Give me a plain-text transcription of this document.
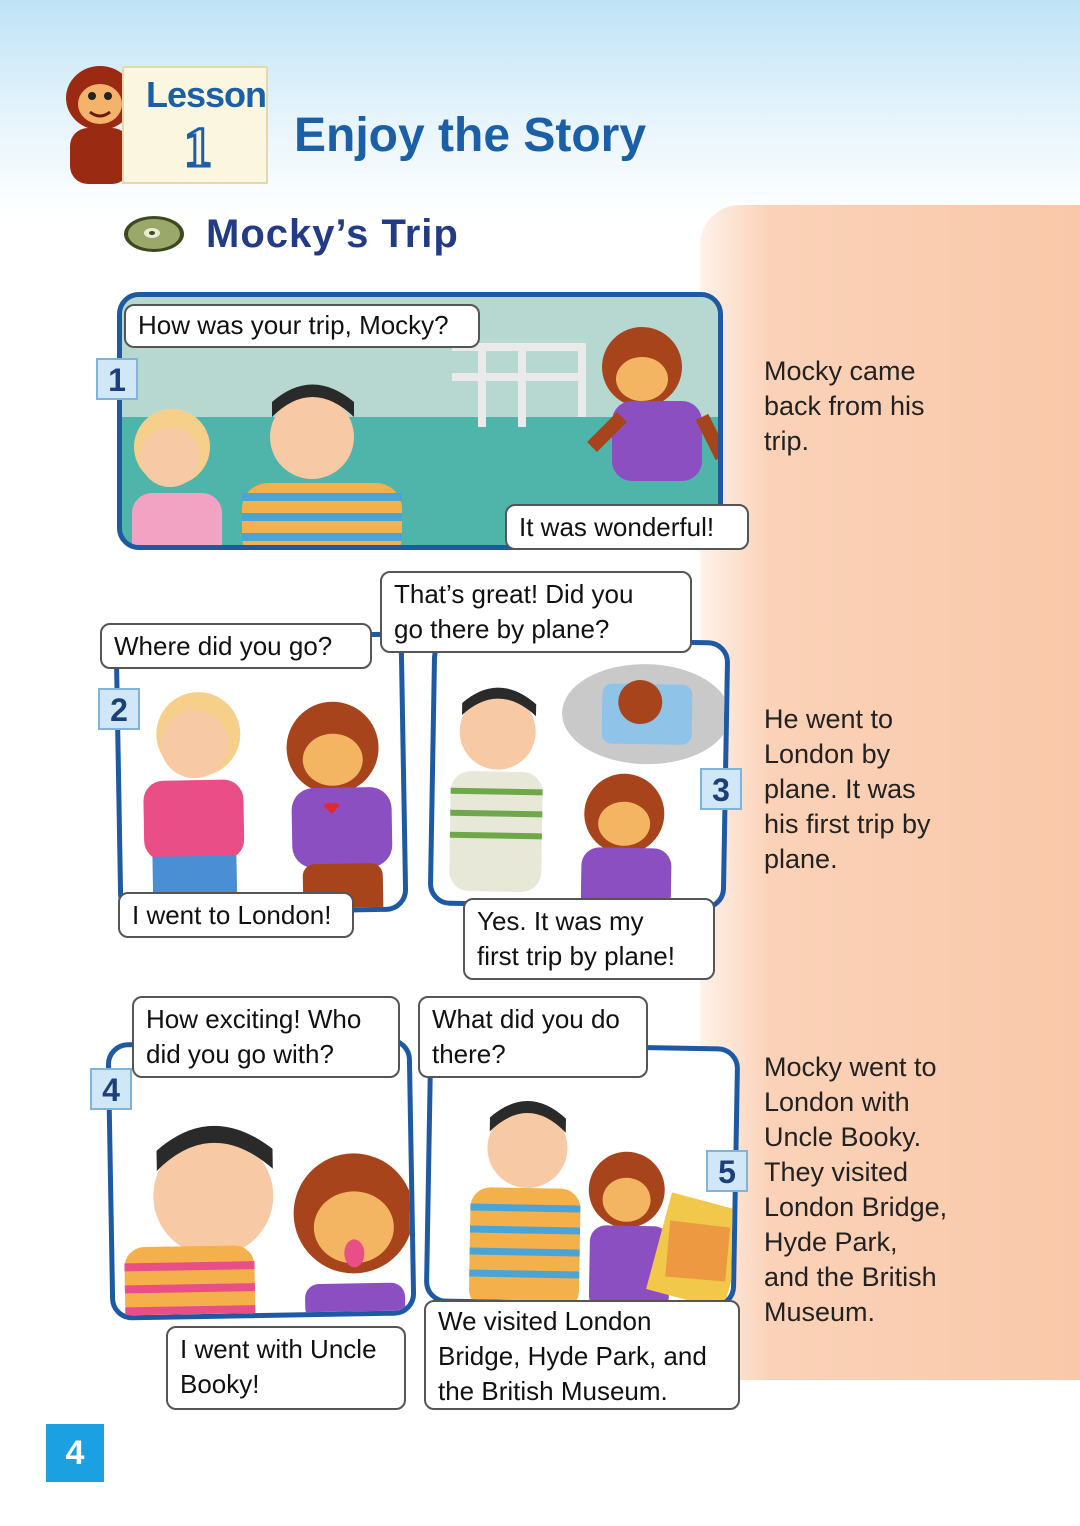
Lesson
1 Enjoy the Story
Mocky’s Trip
1
How was your trip, Mocky?
It was wonderful!
Mocky came
back from his
trip.
2
Where did you go?
I went to London!
3
That’s great! Did you
go there by plane?
Yes. It was my
first trip by plane!
He went to
London by
plane. It was
his first trip by
plane.
4
How exciting! Who
did you go with?
I went with Uncle
Booky!
5
What did you do
there?
We visited London
Bridge, Hyde Park, and
the British Museum.
Mocky went to
London with
Uncle Booky.
They visited
London Bridge,
Hyde Park,
and the British
Museum.
4
